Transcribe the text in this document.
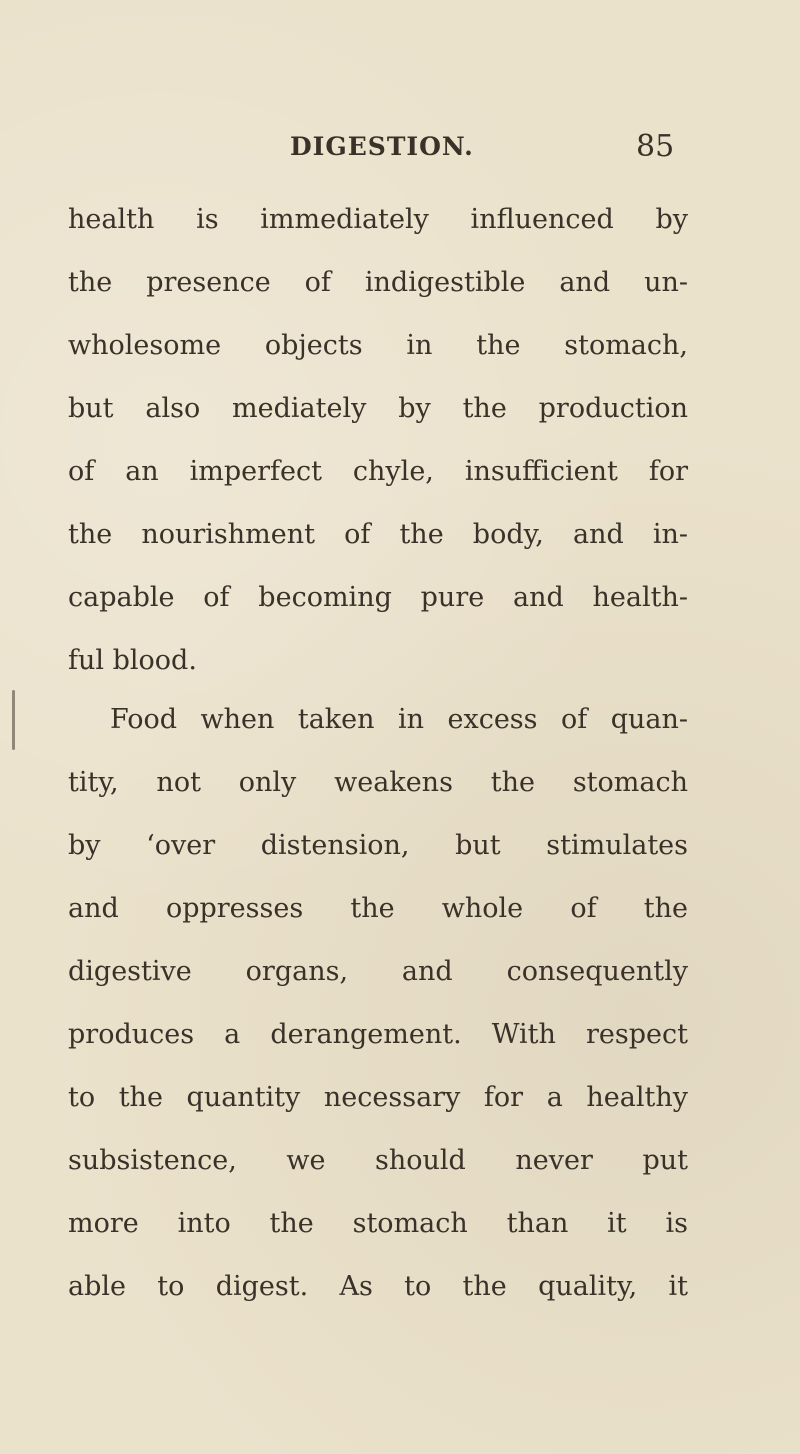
DIGESTION.	85
health is immediately influenced by
the presence of indigestible and un-
wholesome objects in the stomach,
but also mediately by the production
of an imperfect chyle, insufficient for
the nourishment of the body, and in-
capable of becoming pure and health-
ful blood.
Food when taken in excess of quan-
tity, not only weakens the stomach
by ‘over distension, but stimulates
and oppresses the whole of the
digestive organs, and consequently
produces a derangement. With respect
to the quantity necessary for a healthy
subsistence, we should never put
more into the stomach than it is
able to digest. As to the quality, it
